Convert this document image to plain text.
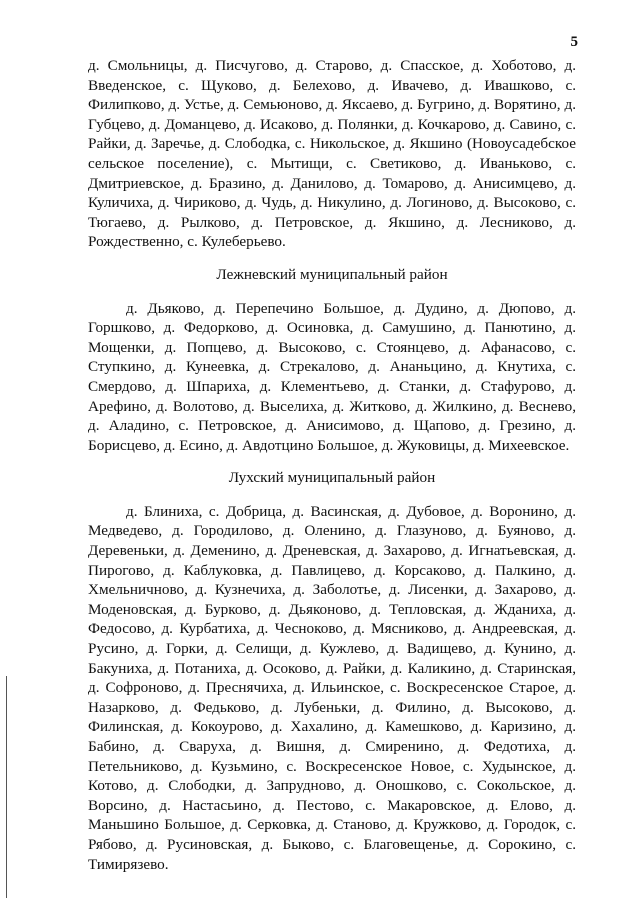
5

д. Смольницы, д. Писчугово, д. Старово, д. Спасское, д. Хоботово, д. Введенское, с. Щуково, д. Белехово, д. Ивачево, д. Ивашково, с. Филипково, д. Устье, д. Семьюново, д. Яксаево, д. Бугрино, д. Ворятино, д. Губцево, д. Доманцево, д. Исаково, д. Полянки, д. Кочкарово, д. Савино, с. Райки, д. Заречье, д. Слободка, с. Никольское, д. Якшино (Новоусадебское сельское поселение), с. Мытищи, с. Светиково, д. Иваньково, с. Дмитриевское, д. Бразино, д. Данилово, д. Томарово, д. Анисимцево, д. Куличиха, д. Чириково, д. Чудь, д. Никулино, д. Логиново, д. Высоково, с. Тюгаево, д. Рылково, д. Петровское, д. Якшино, д. Лесниково, д. Рождественно, с. Кулеберьево.

Лежневский муниципальный район

д. Дьяково, д. Перепечино Большое, д. Дудино, д. Дюпово, д. Горшково, д. Федорково, д. Осиновка, д. Самушино, д. Панютино, д. Мощенки, д. Попцево, д. Высоково, с. Стоянцево, д. Афанасово, с. Ступкино, д. Кунеевка, д. Стрекалово, д. Ананьцино, д. Кнутиха, с. Смердово, д. Шпариха, д. Клементьево, д. Станки, д. Стафурово, д. Арефино, д. Волотово, д. Выселиха, д. Житково, д. Жилкино, д. Веснево, д. Аладино, с. Петровское, д. Анисимово, д. Щапово, д. Грезино, д. Борисцево, д. Есино, д. Авдотцино Большое, д. Жуковицы, д. Михеевское.

Лухский муниципальный район

д. Блиниха, с. Добрица, д. Васинская, д. Дубовое, д. Воронино, д. Медведево, д. Городилово, д. Оленино, д. Глазуново, д. Буяново, д. Деревеньки, д. Деменино, д. Дреневская, д. Захарово, д. Игнатьевская, д. Пирогово, д. Каблуковка, д. Павлицево, д. Корсаково, д. Палкино, д. Хмельничново, д. Кузнечиха, д. Заболотье, д. Лисенки, д. Захарово, д. Моденовская, д. Бурково, д. Дьяконово, д. Тепловская, д. Жданиха, д. Федосово, д. Курбатиха, д. Чесноково, д. Мясниково, д. Андреевская, д. Русино, д. Горки, д. Селищи, д. Кужлево, д. Вадищево, д. Кунино, д. Бакуниха, д. Потаниха, д. Осоково, д. Райки, д. Каликино, д. Старинская, д. Софроново, д. Преснячиха, д. Ильинское, с. Воскресенское Старое, д. Назарково, д. Федьково, д. Лубеньки, д. Филино, д. Высоково, д. Филинская, д. Кокоурово, д. Хахалино, д. Камешково, д. Каризино, д. Бабино, д. Сваруха, д. Вишня, д. Смиренино, д. Федотиха, д. Петельниково, д. Кузьмино, с. Воскресенское Новое, с. Худынское, д. Котово, д. Слободки, д. Запрудново, д. Оношково, с. Сокольское, д. Ворсино, д. Настасьино, д. Пестово, с. Макаровское, д. Елово, д. Маньшино Большое, д. Серковка, д. Станово, д. Кружково, д. Городок, с. Рябово, д. Русиновская, д. Быково, с. Благовещенье, д. Сорокино, с. Тимирязево.
